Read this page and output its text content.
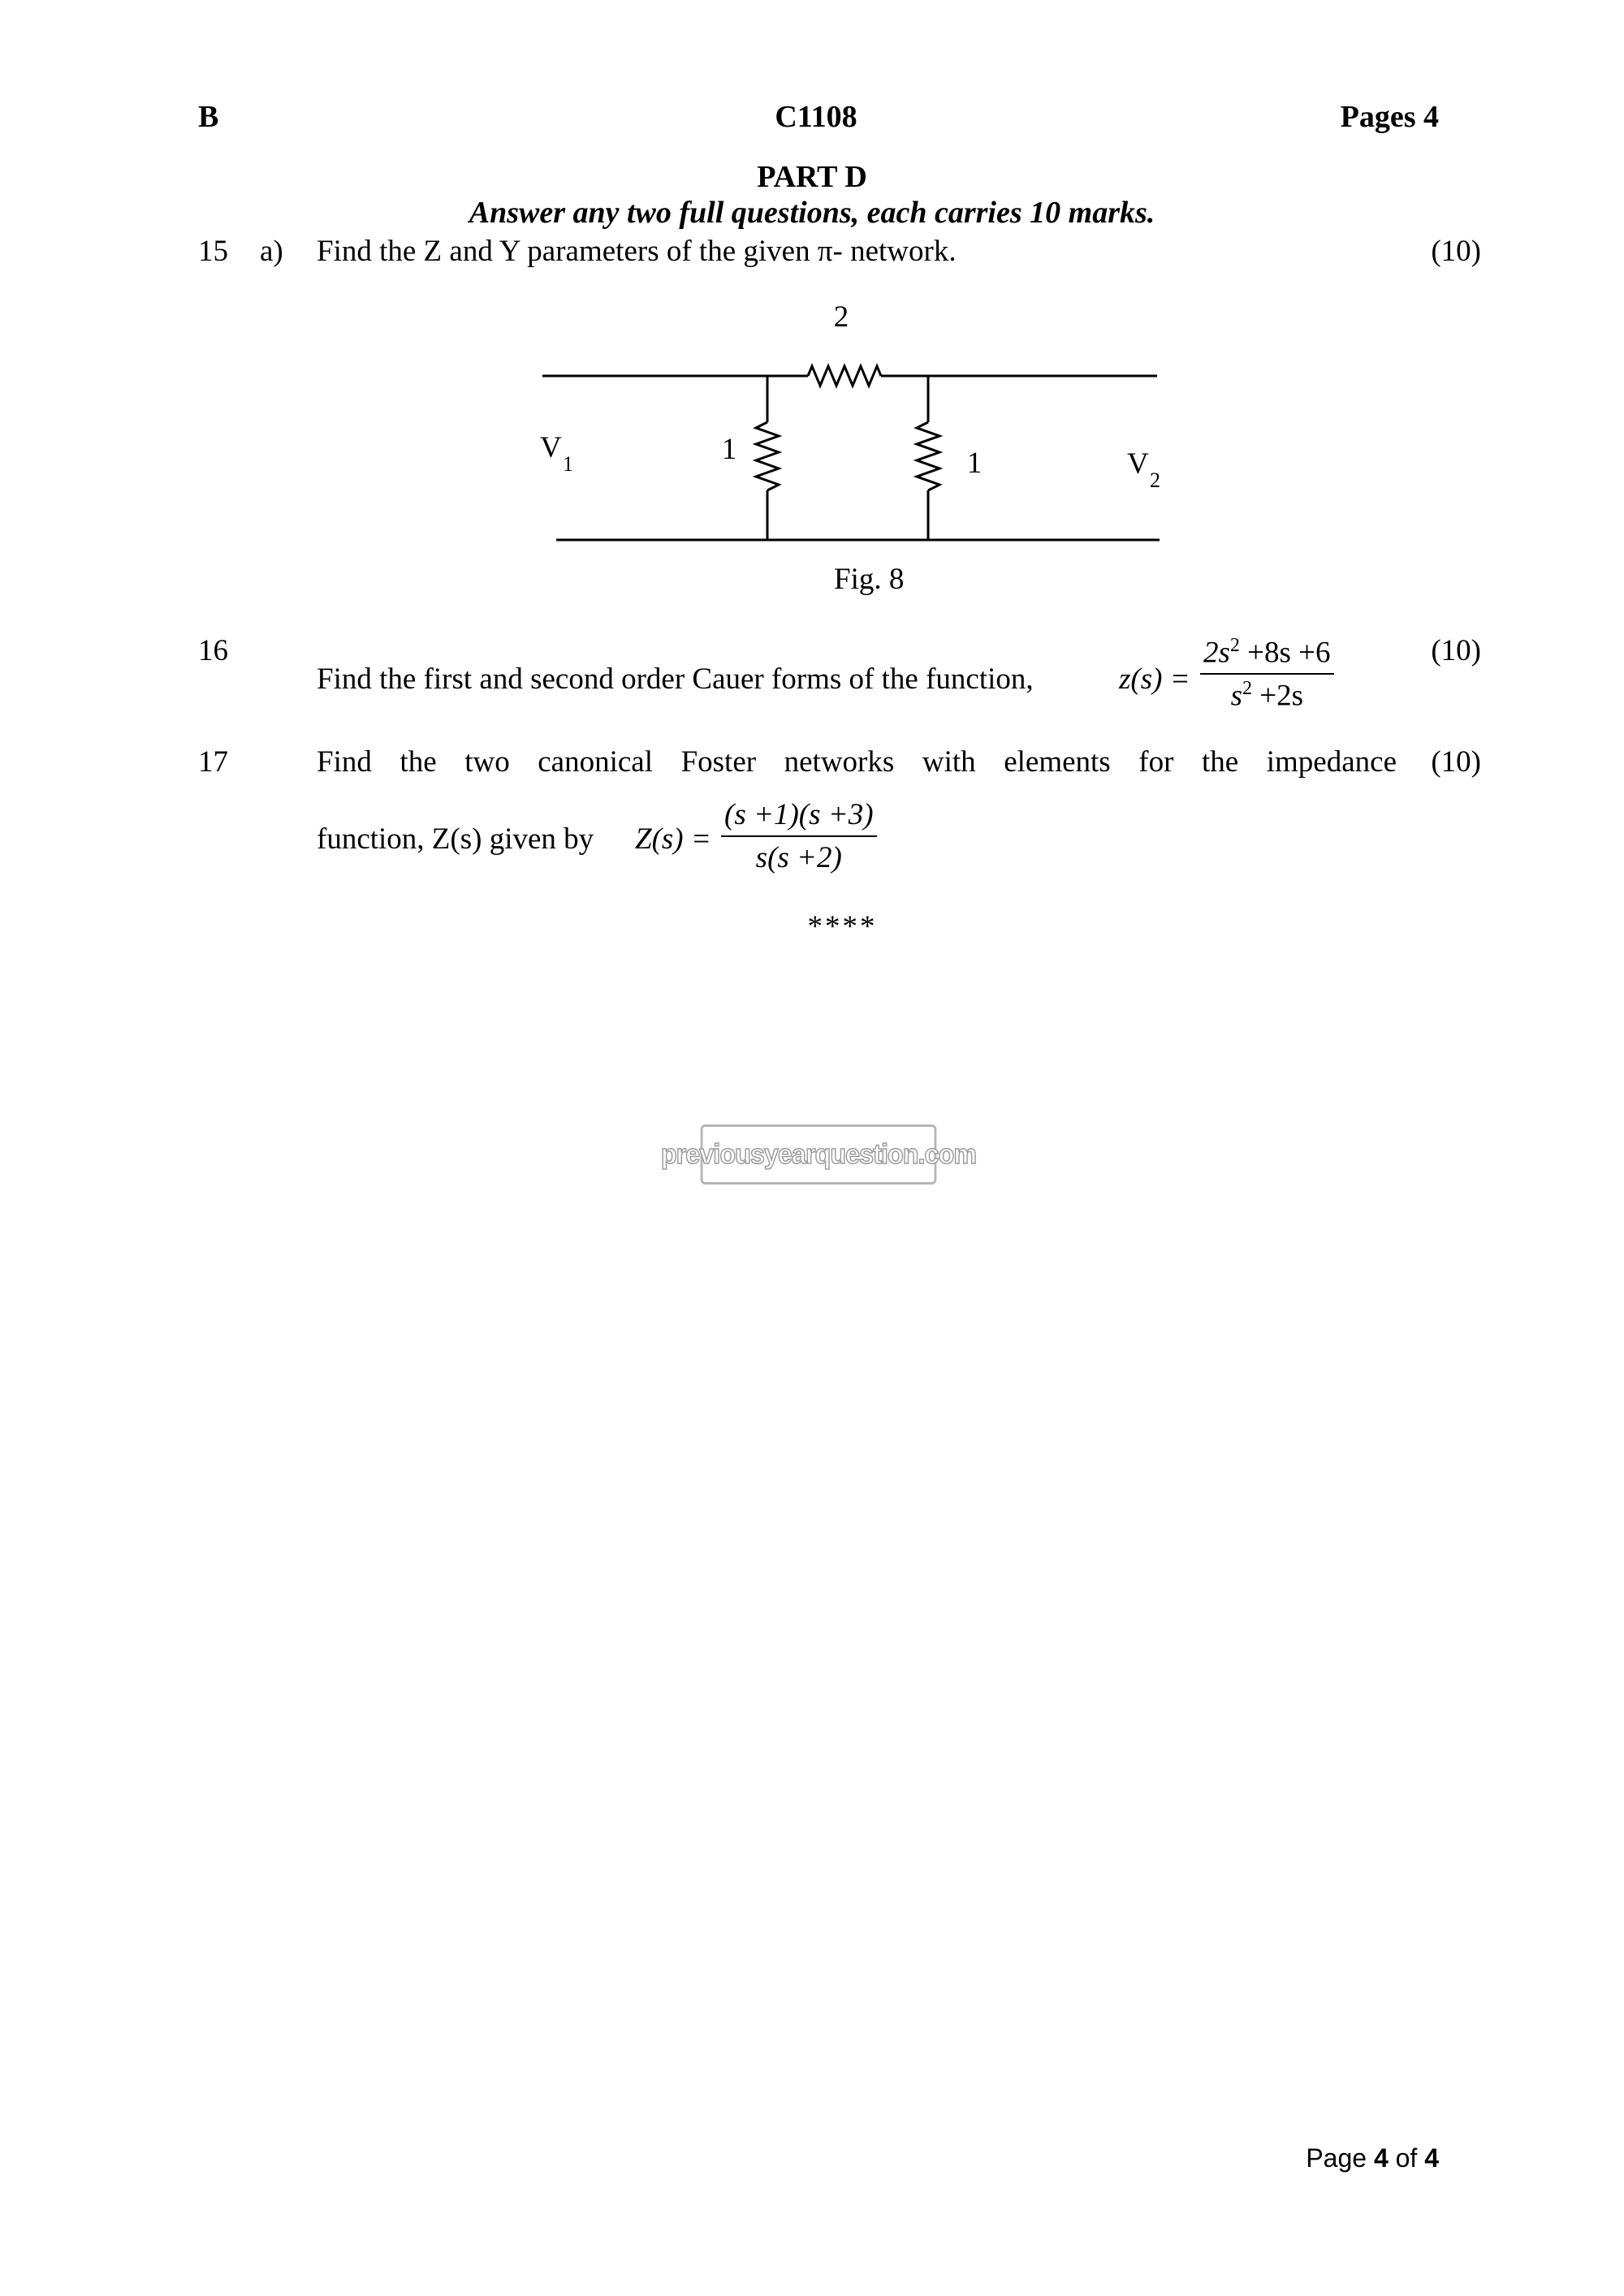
B	C1108	Pages 4
PART D
Answer any two full questions, each carries 10 marks.
15 a) Find the Z and Y parameters of the given π- network.	(10)
2
1	1
V 1	V 2
Fig. 8
16
Find the first and second order Cauer forms of the function,	z(s) =
$2s^2 +8s +6$
$s^2 +2s$
(10)
17	Find the two canonical Foster networks with elements for the impedance (10)
function, Z(s) given by Z(s) =
(s +1)(s +3)
s(s +2)
****
previousyearquestion.com
Page 4 of 4
